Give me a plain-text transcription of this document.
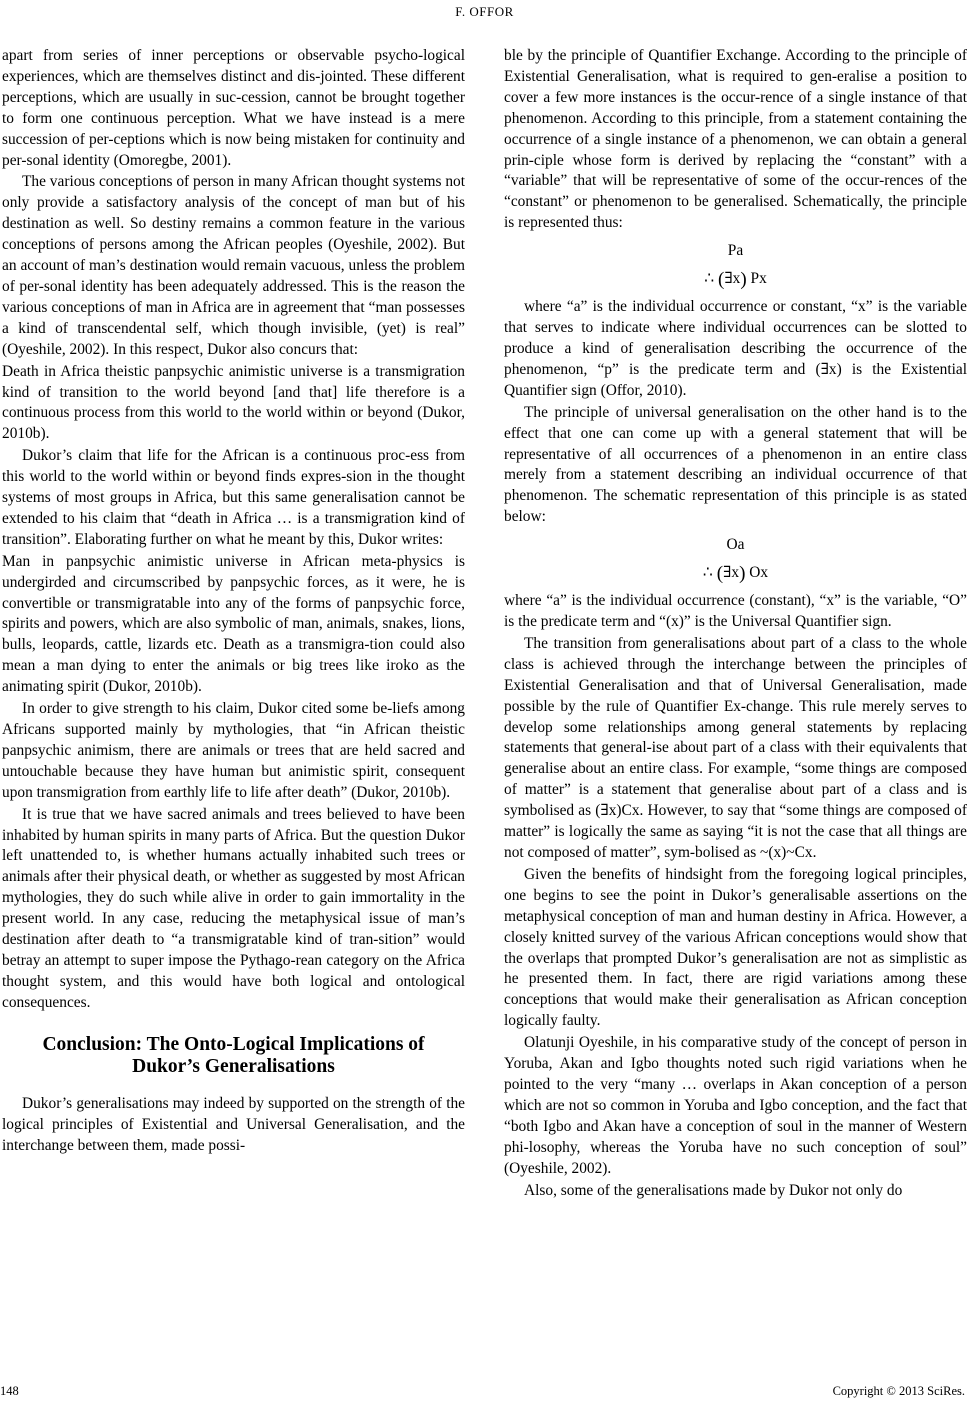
F. OFFOR

apart from series of inner perceptions or observable psycho-logical experiences, which are themselves distinct and dis-jointed. These different perceptions, which are usually in suc-cession, cannot be brought together to form one continuous perception. What we have instead is a mere succession of per-ceptions which is now being mistaken for continuity and per-sonal identity (Omoregbe, 2001).

The various conceptions of person in many African thought systems not only provide a satisfactory analysis of the concept of man but of his destination as well. So destiny remains a common feature in the various conceptions of persons among the African peoples (Oyeshile, 2002). But an account of man’s destination would remain vacuous, unless the problem of per-sonal identity has been adequately addressed. This is the reason the various conceptions of man in Africa are in agreement that “man possesses a kind of transcendental self, which though invisible, (yet) is real” (Oyeshile, 2002). In this respect, Dukor also concurs that:

Death in Africa theistic panpsychic animistic universe is a transmigration kind of transition to the world beyond [and that] life therefore is a continuous process from this world to the world within or beyond (Dukor, 2010b).

Dukor’s claim that life for the African is a continuous proc-ess from this world to the world within or beyond finds expres-sion in the thought systems of most groups in Africa, but this same generalisation cannot be extended to his claim that “death in Africa … is a transmigration kind of transition”. Elaborating further on what he meant by this, Dukor writes:

Man in panpsychic animistic universe in African meta-physics is undergirded and circumscribed by panpsychic forces, as it were, he is convertible or transmigratable into any of the forms of panpsychic force, spirits and powers, which are also symbolic of man, animals, snakes, lions, bulls, leopards, cattle, lizards etc. Death as a transmigra-tion could also mean a man dying to enter the animals or big trees like iroko as the animating spirit (Dukor, 2010b).

In order to give strength to his claim, Dukor cited some be-liefs among Africans supported mainly by mythologies, that “in African theistic panpsychic animism, there are animals or trees that are held sacred and untouchable because they have human but animistic spirit, consequent upon transmigration from earthly life to life after death” (Dukor, 2010b).

It is true that we have sacred animals and trees believed to have been inhabited by human spirits in many parts of Africa. But the question Dukor left unattended to, is whether humans actually inhabited such trees or animals after their physical death, or whether as suggested by most African mythologies, they do such while alive in order to gain immortality in the present world. In any case, reducing the metaphysical issue of man’s destination after death to “a transmigratable kind of tran-sition” would betray an attempt to super impose the Pythago-rean category on the Africa thought system, and this would have both logical and ontological consequences.

Conclusion: The Onto-Logical Implications of
Dukor’s Generalisations

Dukor’s generalisations may indeed by supported on the strength of the logical principles of Existential and Universal Generalisation, and the interchange between them, made possi-

ble by the principle of Quantifier Exchange. According to the principle of Existential Generalisation, what is required to gen-eralise a position to cover a few more instances is the occur-rence of a single instance of that phenomenon. According to this principle, from a statement containing the occurrence of a single instance of a phenomenon, we can obtain a general prin-ciple whose form is derived by replacing the “constant” with a “variable” that will be representative of some of the occur-rences of the “constant” or phenomenon to be generalised. Schematically, the principle is represented thus:

Pa
∴ (∃x) Px

where “a” is the individual occurrence or constant, “x” is the variable that serves to indicate where individual occurrences can be slotted to produce a kind of generalisation describing the occurrence of the phenomenon, “p” is the predicate term and (∃x) is the Existential Quantifier sign (Offor, 2010).

The principle of universal generalisation on the other hand is to the effect that one can come up with a general statement that will be representative of all occurrences of a phenomenon in an entire class merely from a statement describing an individual occurrence of that phenomenon. The schematic representation of this principle is as stated below:

Oa
∴ (∃x) Ox

where “a” is the individual occurrence (constant), “x” is the variable, “O” is the predicate term and “(x)” is the Universal Quantifier sign.

The transition from generalisations about part of a class to the whole class is achieved through the interchange between the principles of Existential Generalisation and that of Universal Generalisation, made possible by the rule of Quantifier Ex-change. This rule merely serves to develop some relationships among general statements by replacing statements that general-ise about part of a class with their equivalents that generalise about an entire class. For example, “some things are composed of matter” is a statement that generalise about part of a class and is symbolised as (∃x)Cx. However, to say that “some things are composed of matter” is logically the same as saying “it is not the case that all things are not composed of matter”, sym-bolised as ~(x)~Cx.

Given the benefits of hindsight from the foregoing logical principles, one begins to see the point in Dukor’s generalisable assertions on the metaphysical conception of man and human destiny in Africa. However, a closely knitted survey of the various African conceptions would show that the overlaps that prompted Dukor’s generalisation are not as simplistic as he presented them. In fact, there are rigid variations among these conceptions that would make their generalisation as African conception logically faulty.

Olatunji Oyeshile, in his comparative study of the concept of person in Yoruba, Akan and Igbo thoughts noted such rigid variations when he pointed to the very “many … overlaps in Akan conception of a person which are not so common in Yoruba and Igbo conception, and the fact that “both Igbo and Akan have a conception of soul in the manner of Western phi-losophy, whereas the Yoruba have no such conception of soul” (Oyeshile, 2002).

Also, some of the generalisations made by Dukor not only do

148	Copyright © 2013 SciRes.
